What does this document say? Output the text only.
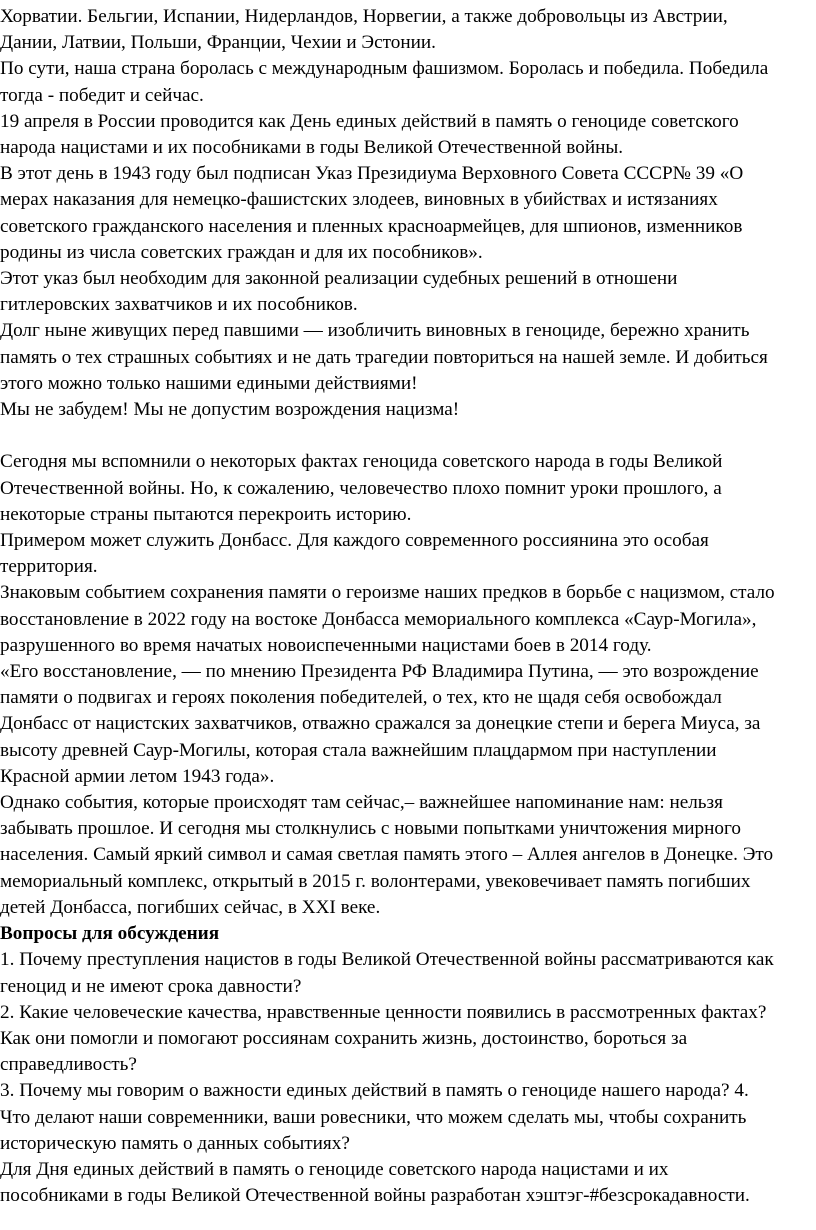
Хорватии. Бельгии, Испании, Нидерландов, Норвегии, а также добровольцы из Австрии,
Дании, Латвии, Польши, Франции, Чехии и Эстонии.

По сути, наша страна боролась с международным фашизмом. Боролась и победила. Победила
тогда - победит и сейчас.

19 апреля в России проводится как День единых действий в память о геноциде советского
народа нацистами и их пособниками в годы Великой Отечественной войны.

В этот день в 1943 году был подписан Указ Президиума Верховного Совета СССР№ 39 «О
мерах наказания для немецко-фашистских злодеев, виновных в убийствах и истязаниях
советского гражданского населения и пленных красноармейцев, для шпионов, изменников
родины из числа советских граждан и для их пособников».

Этот указ был необходим для законной реализации судебных решений в отношени
гитлеровских захватчиков и их пособников.

Долг ныне живущих перед павшими — изобличить виновных в геноциде, бережно хранить
память о тех страшных событиях и не дать трагедии повториться на нашей земле. И добиться
этого можно только нашими едиными действиями!

Мы не забудем! Мы не допустим возрождения нацизма!

Сегодня мы вспомнили о некоторых фактах геноцида советского народа в годы Великой
Отечественной войны. Но, к сожалению, человечество плохо помнит уроки прошлого, а
некоторые страны пытаются перекроить историю.

Примером может служить Донбасс. Для каждого современного россиянина это особая
территория.

Знаковым событием сохранения памяти о героизме наших предков в борьбе с нацизмом, стало
восстановление в 2022 году на востоке Донбасса мемориального комплекса «Саур-Могила»,
разрушенного во время начатых новоиспеченными нацистами боев в 2014 году.

«Его восстановление, — по мнению Президента РФ Владимира Путина, — это возрождение
памяти о подвигах и героях поколения победителей, о тех, кто не щадя себя освобождал
Донбасс от нацистских захватчиков, отважно сражался за донецкие степи и берега Миуса, за
высоту древней Саур-Могилы, которая стала важнейшим плацдармом при наступлении
Красной армии летом 1943 года».

Однако события, которые происходят там сейчас,– важнейшее напоминание нам: нельзя
забывать прошлое. И сегодня мы столкнулись с новыми попытками уничтожения мирного
населения. Самый яркий символ и самая светлая память этого – Аллея ангелов в Донецке. Это
мемориальный комплекс, открытый в 2015 г. волонтерами, увековечивает память погибших
детей Донбасса, погибших сейчас, в XXI веке.

Вопросы для обсуждения

1. Почему преступления нацистов в годы Великой Отечественной войны рассматриваются как
геноцид и не имеют срока давности?

2. Какие человеческие качества, нравственные ценности появились в рассмотренных фактах?
Как они помогли и помогают россиянам сохранить жизнь, достоинство, бороться за
справедливость?

3. Почему мы говорим о важности единых действий в память о геноциде нашего народа? 4.
Что делают наши современники, ваши ровесники, что можем сделать мы, чтобы сохранить
историческую память о данных событиях?

Для Дня единых действий в память о геноциде советского народа нацистами и их
пособниками в годы Великой Отечественной войны разработан хэштэг-#безсрокадавности.
